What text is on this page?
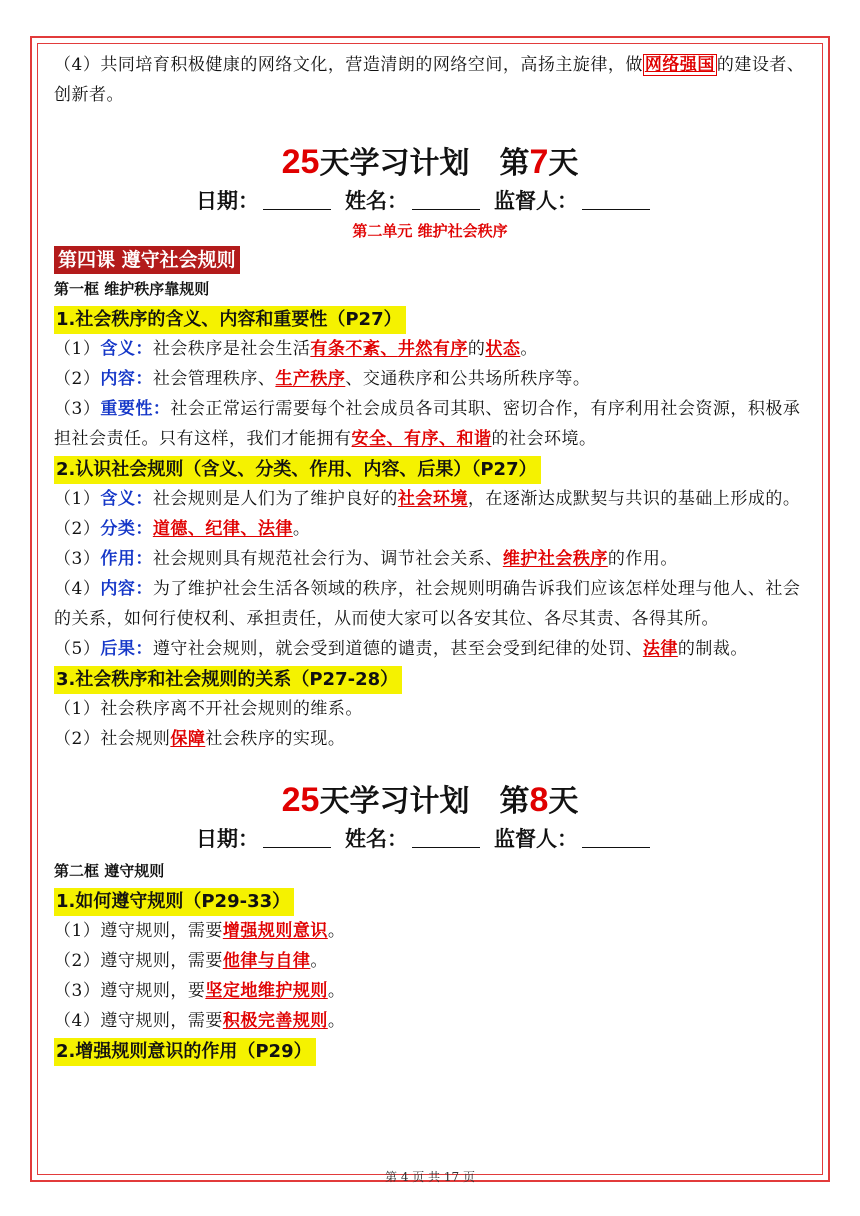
（4）共同培育积极健康的网络文化，营造清朗的网络空间，高扬主旋律，做 网络强国 的建设者、创新者。
25天学习计划 第7天
日期：	姓名：	监督人：
第二单元 维护社会秩序
第四课 遵守社会规则
第一框 维护秩序靠规则
1.社会秩序的含义、内容和重要性（P27）
（1）含义：社会秩序是社会生活有条不紊、井然有序的状态。
（2）内容：社会管理秩序、生产秩序、交通秩序和公共场所秩序等。
（3）重要性：社会正常运行需要每个社会成员各司其职、密切合作，有序利用社会资源，积极承担社会责任。只有这样，我们才能拥有安全、有序、和谐的社会环境。
2.认识社会规则（含义、分类、作用、内容、后果）（P27）
（1）含义：社会规则是人们为了维护良好的社会环境，在逐渐达成默契与共识的基础上形成的。
（2）分类：道德、纪律、法律。
（3）作用：社会规则具有规范社会行为、调节社会关系、维护社会秩序的作用。
（4）内容：为了维护社会生活各领域的秩序，社会规则明确告诉我们应该怎样处理与他人、社会的关系，如何行使权利、承担责任，从而使大家可以各安其位、各尽其责、各得其所。
（5）后果：遵守社会规则，就会受到道德的谴责，甚至会受到纪律的处罚、法律的制裁。
3.社会秩序和社会规则的关系（P27-28）
（1）社会秩序离不开社会规则的维系。
（2）社会规则保障社会秩序的实现。
25天学习计划 第8天
日期：	姓名：	监督人：
第二框 遵守规则
1.如何遵守规则（P29-33）
（1）遵守规则，需要增强规则意识。
（2）遵守规则，需要他律与自律。
（3）遵守规则，要坚定地维护规则。
（4）遵守规则，需要积极完善规则。
2.增强规则意识的作用（P29）
第 4 页 共 17 页
